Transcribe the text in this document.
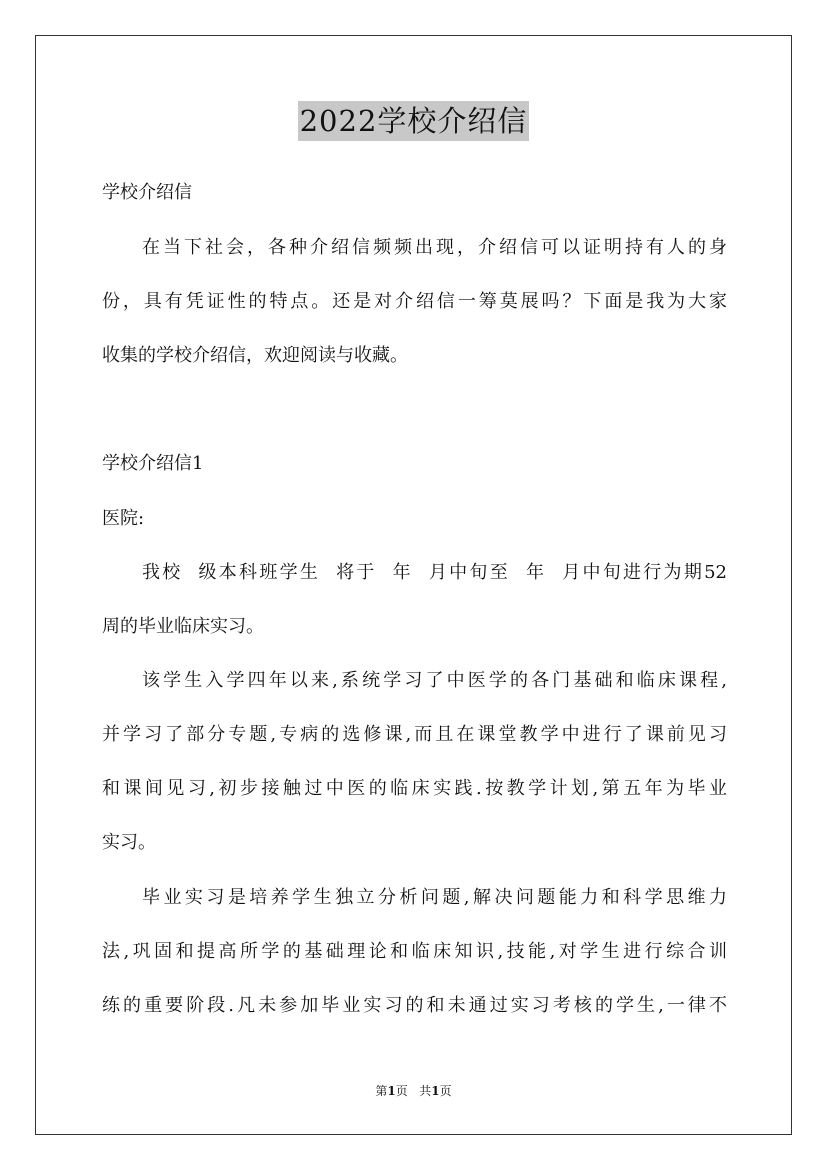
2022学校介绍信
学校介绍信
在当下社会，各种介绍信频频出现，介绍信可以证明持有人的身
份，具有凭证性的特点。还是对介绍信一筹莫展吗？下面是我为大家
收集的学校介绍信，欢迎阅读与收藏。
学校介绍信1
医院:
我校  级本科班学生  将于  年  月中旬至  年  月中旬进行为期52
周的毕业临床实习。
该学生入学四年以来,系统学习了中医学的各门基础和临床课程,
并学习了部分专题,专病的选修课,而且在课堂教学中进行了课前见习
和课间见习,初步接触过中医的临床实践.按教学计划,第五年为毕业
实习。
毕业实习是培养学生独立分析问题,解决问题能力和科学思维力
法,巩固和提高所学的基础理论和临床知识,技能,对学生进行综合训
练的重要阶段.凡未参加毕业实习的和未通过实习考核的学生,一律不
第1页 共1页
